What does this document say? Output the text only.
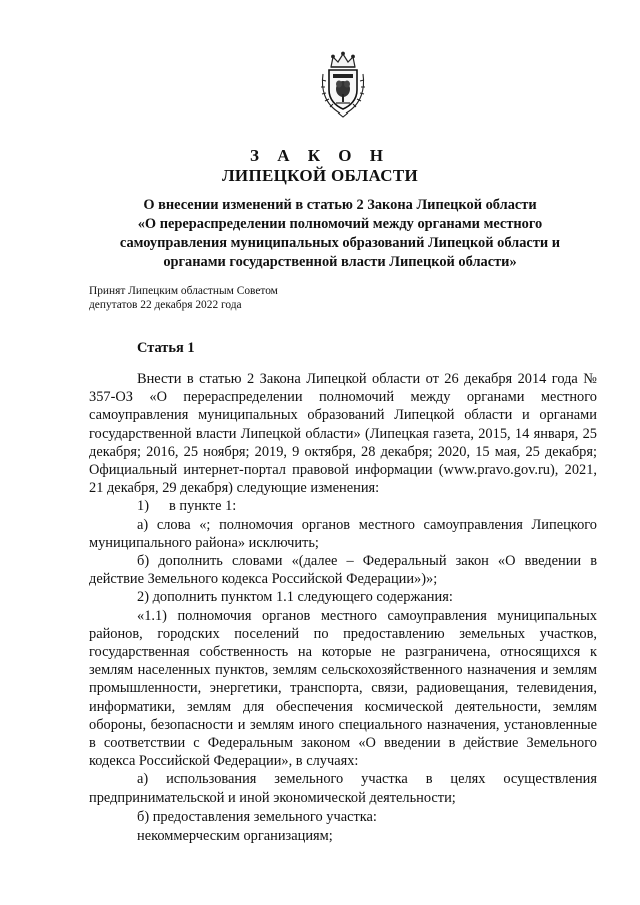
З А К О Н
ЛИПЕЦКОЙ ОБЛАСТИ
О внесении изменений в статью 2 Закона Липецкой области
«О перераспределении полномочий между органами местного
самоуправления муниципальных образований Липецкой области и
органами государственной власти Липецкой области»
Принят Липецким областным Советом
депутатов 22 декабря 2022 года
Статья 1

Внести в статью 2 Закона Липецкой области от 26 декабря 2014 года № 357-ОЗ «О перераспределении полномочий между органами местного самоуправления муниципальных образований Липецкой области и органами государственной власти Липецкой области» (Липецкая газета, 2015, 14 января, 25 декабря; 2016, 25 ноября; 2019, 9 октября, 28 декабря; 2020, 15 мая, 25 декабря; Официальный интернет-портал правовой информации (www.pravo.gov.ru), 2021, 21 декабря, 29 декабря) следующие изменения:

1) в пункте 1:

а) слова «; полномочия органов местного самоуправления Липецкого муниципального района» исключить;

б) дополнить словами «(далее – Федеральный закон «О введении в действие Земельного кодекса Российской Федерации»)»;

2) дополнить пунктом 1.1 следующего содержания:

«1.1) полномочия органов местного самоуправления муниципальных районов, городских поселений по предоставлению земельных участков, государственная собственность на которые не разграничена, относящихся к землям населенных пунктов, землям сельскохозяйственного назначения и землям промышленности, энергетики, транспорта, связи, радиовещания, телевидения, информатики, землям для обеспечения космической деятельности, землям обороны, безопасности и землям иного специального назначения, установленные в соответствии с Федеральным законом «О введении в действие Земельного кодекса Российской Федерации», в случаях:

а) использования земельного участка в целях осуществления предпринимательской и иной экономической деятельности;

б) предоставления земельного участка:

некоммерческим организациям;
